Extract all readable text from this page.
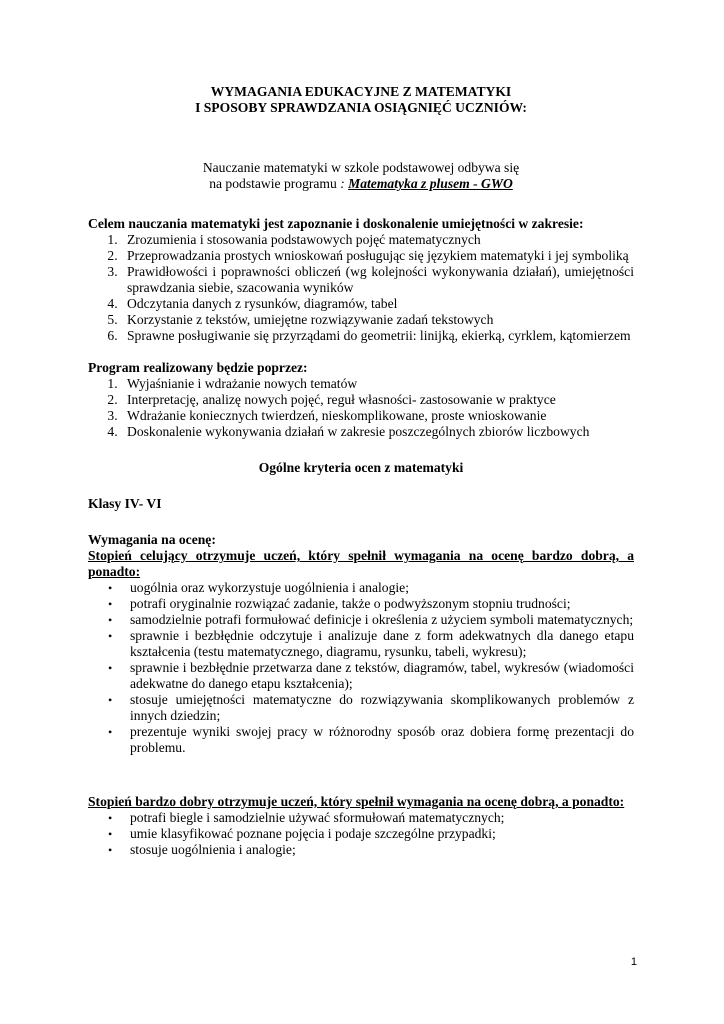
WYMAGANIA EDUKACYJNE Z MATEMATYKI

I SPOSOBY SPRAWDZANIA OSIĄGNIĘĆ UCZNIÓW:

Nauczanie matematyki w szkole podstawowej odbywa się
na podstawie programu : Matematyka z plusem - GWO
Celem nauczania matematyki jest zapoznanie i doskonalenie umiejętności w zakresie:
1. Zrozumienia i stosowania podstawowych pojęć matematycznych
2. Przeprowadzania prostych wnioskowań posługując się językiem matematyki i jej symboliką
3. Prawidłowości i poprawności obliczeń (wg kolejności wykonywania działań), umiejętności sprawdzania siebie, szacowania wyników
4. Odczytania danych z rysunków, diagramów, tabel
5. Korzystanie z tekstów, umiejętne rozwiązywanie zadań tekstowych
6. Sprawne posługiwanie się przyrządami do geometrii: linijką, ekierką, cyrklem, kątomierzem
Program realizowany będzie poprzez:
1. Wyjaśnianie i wdrażanie nowych tematów
2. Interpretację, analizę nowych pojęć, reguł własności- zastosowanie w praktyce
3. Wdrażanie koniecznych twierdzeń, nieskomplikowane, proste wnioskowanie
4. Doskonalenie wykonywania działań w zakresie poszczególnych zbiorów liczbowych
Ogólne kryteria ocen z matematyki
Klasy IV- VI
Wymagania na ocenę:
Stopień celujący otrzymuje uczeń, który spełnił wymagania na ocenę bardzo dobrą, a ponadto:
• uogólnia oraz wykorzystuje uogólnienia i analogie;
• potrafi oryginalnie rozwiązać zadanie, także o podwyższonym stopniu trudności;
• samodzielnie potrafi formułować definicje i określenia z użyciem symboli matematycznych;
• sprawnie i bezbłędnie odczytuje i analizuje dane z form adekwatnych dla danego etapu kształcenia (testu matematycznego, diagramu, rysunku, tabeli, wykresu);
• sprawnie i bezbłędnie przetwarza dane z tekstów, diagramów, tabel, wykresów (wiadomości adekwatne do danego etapu kształcenia);
• stosuje umiejętności matematyczne do rozwiązywania skomplikowanych problemów z innych dziedzin;
• prezentuje wyniki swojej pracy w różnorodny sposób oraz dobiera formę prezentacji do problemu.
Stopień bardzo dobry otrzymuje uczeń, który spełnił wymagania na ocenę dobrą, a ponadto:
• potrafi biegle i samodzielnie używać sformułowań matematycznych;
• umie klasyfikować poznane pojęcia i podaje szczególne przypadki;
• stosuje uogólnienia i analogie;
1
